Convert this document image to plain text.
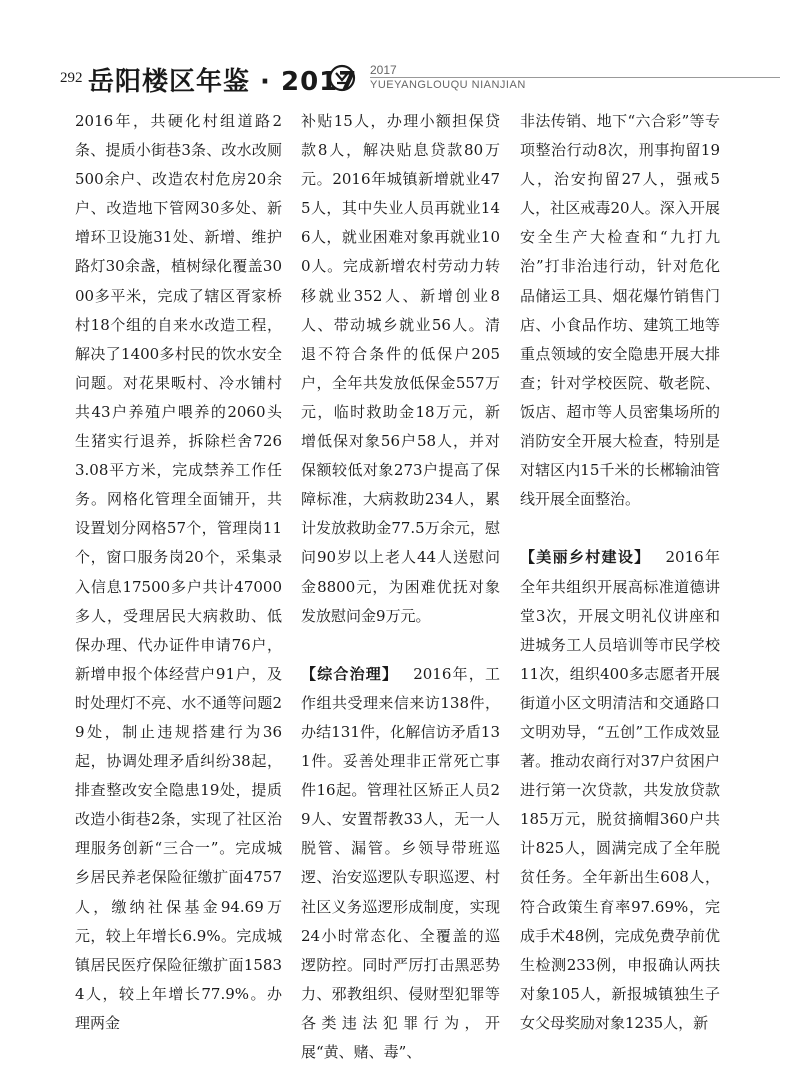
292 岳阳楼区年鉴 · 2017 2017
YUEYANGLOUQU NIANJIAN

2016年，共硬化村组道路2条、提质小街巷3条、改水改厕500余户、改造农村危房20余户、改造地下管网30多处、新增环卫设施31处、新增、维护路灯30余盏，植树绿化覆盖3000多平米，完成了辖区胥家桥村18个组的自来水改造工程，解决了1400多村民的饮水安全问题。对花果畈村、冷水铺村共43户养殖户喂养的2060头生猪实行退养，拆除栏舍7263.08平方米，完成禁养工作任务。网格化管理全面铺开，共设置划分网格57个，管理岗11个，窗口服务岗20个，采集录入信息17500多户共计47000多人，受理居民大病救助、低保办理、代办证件申请76户，新增申报个体经营户91户，及时处理灯不亮、水不通等问题29处，制止违规搭建行为36起，协调处理矛盾纠纷38起，排查整改安全隐患19处，提质改造小街巷2条，实现了社区治理服务创新“三合一”。完成城乡居民养老保险征缴扩面4757人，缴纳社保基金94.69万元，较上年增长6.9%。完成城镇居民医疗保险征缴扩面15834人，较上年增长77.9%。办理两金

补贴15人，办理小额担保贷款8人，解决贴息贷款80万元。2016年城镇新增就业475人，其中失业人员再就业146人，就业困难对象再就业100人。完成新增农村劳动力转移就业352人、新增创业8人、带动城乡就业56人。清退不符合条件的低保户205户，全年共发放低保金557万元，临时救助金18万元，新增低保对象56户58人，并对保额较低对象273户提高了保障标准，大病救助234人，累计发放救助金77.5万余元，慰问90岁以上老人44人送慰问金8800元，为困难优抚对象发放慰问金9万元。

【综合治理】  2016年，工作组共受理来信来访138件，办结131件，化解信访矛盾131件。妥善处理非正常死亡事件16起。管理社区矫正人员29人、安置帮教33人，无一人脱管、漏管。乡领导带班巡逻、治安巡逻队专职巡逻、村社区义务巡逻形成制度，实现24小时常态化、全覆盖的巡逻防控。同时严厉打击黑恶势力、邪教组织、侵财型犯罪等各类违法犯罪行为，开展“黄、赌、毒”、

非法传销、地下“六合彩”等专项整治行动8次，刑事拘留19人，治安拘留27人，强戒5人，社区戒毒20人。深入开展安全生产大检查和“九打九治”打非治违行动，针对危化品储运工具、烟花爆竹销售门店、小食品作坊、建筑工地等重点领域的安全隐患开展大排查；针对学校医院、敬老院、饭店、超市等人员密集场所的消防安全开展大检查，特别是对辖区内15千米的长郴输油管线开展全面整治。

【美丽乡村建设】  2016年全年共组织开展高标准道德讲堂3次，开展文明礼仪讲座和进城务工人员培训等市民学校11次，组织400多志愿者开展街道小区文明清洁和交通路口文明劝导，“五创”工作成效显著。推动农商行对37户贫困户进行第一次贷款，共发放贷款185万元，脱贫摘帽360户共计825人，圆满完成了全年脱贫任务。全年新出生608人，符合政策生育率97.69%，完成手术48例，完成免费孕前优生检测233例，申报确认两扶对象105人，新报城镇独生子女父母奖励对象1235人，新
